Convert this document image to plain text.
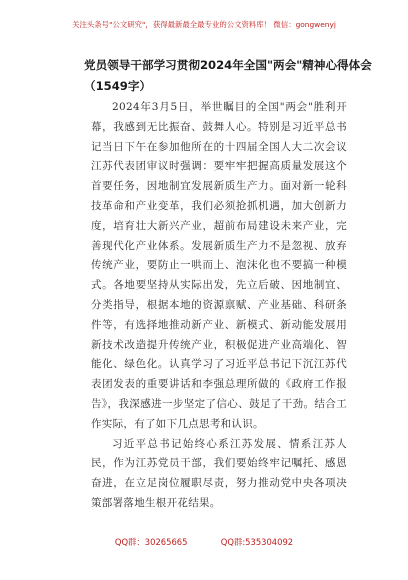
关注头条号"公文研究"，获得最新最全最专业的公文资料库！ 微信：gongwenyj
党员领导干部学习贯彻2024年全国"两会"精神心得体会
（1549字）

2024年3月5日，举世瞩目的全国"两会"胜利开幕，我感到无比振奋、鼓舞人心。特别是习近平总书记当日下午在参加他所在的十四届全国人大二次会议江苏代表团审议时强调：要牢牢把握高质量发展这个首要任务，因地制宜发展新质生产力。面对新一轮科技革命和产业变革，我们必须抢抓机遇，加大创新力度，培育壮大新兴产业，超前布局建设未来产业，完善现代化产业体系。发展新质生产力不是忽视、放弃传统产业，要防止一哄而上、泡沫化也不要搞一种模式。各地要坚持从实际出发，先立后破、因地制宜、分类指导，根据本地的资源禀赋、产业基础、科研条件等，有选择地推动新产业、新模式、新动能发展用新技术改造提升传统产业，积极促进产业高端化、智能化、绿色化。认真学习了习近平总书记下沉江苏代表团发表的重要讲话和李强总理所做的《政府工作报告》，我深感进一步坚定了信心、鼓足了干劲。结合工作实际，有了如下几点思考和认识。

习近平总书记始终心系江苏发展、情系江苏人民，作为江苏党员干部，我们要始终牢记嘱托、感恩奋进，在立足岗位履职尽责，努力推动党中央各项决策部署落地生根开花结果。

QQ群：30265665	QQ群:535304092
